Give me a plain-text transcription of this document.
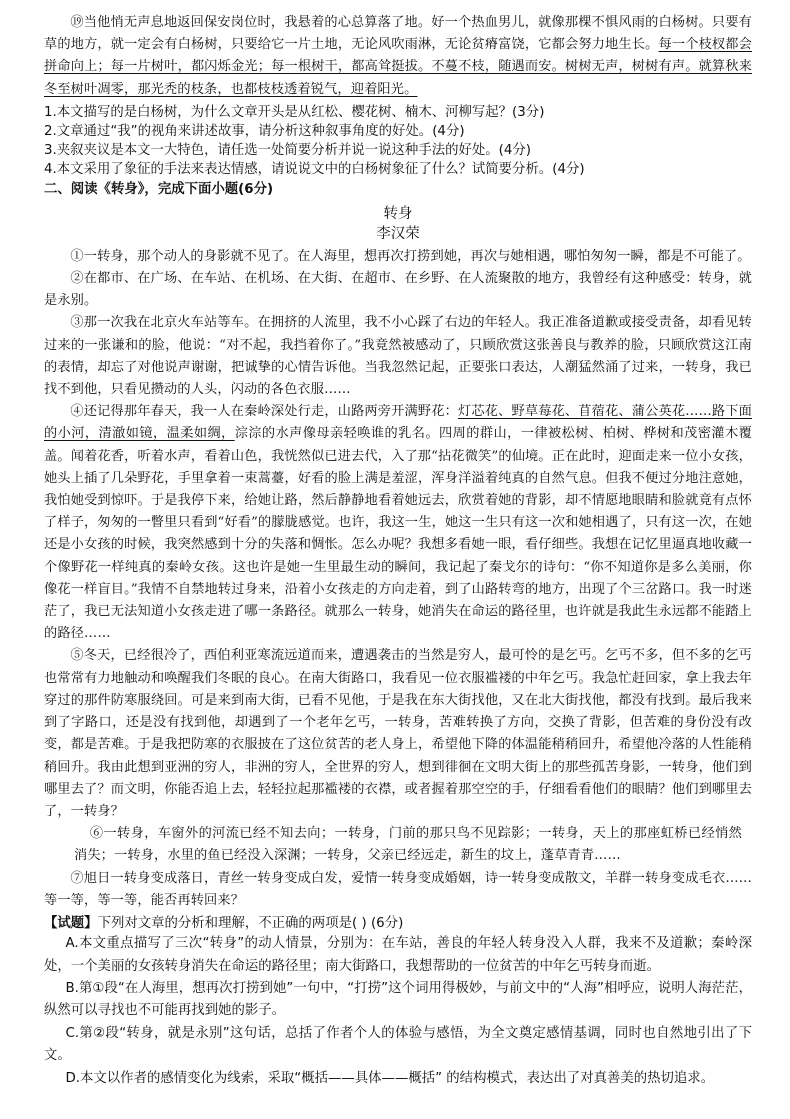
⑲当他悄无声息地返回保安岗位时，我悬着的心总算落了地。好一个热血男儿，就像那棵不惧风雨的白杨树。只要有草的地方，就一定会有白杨树，只要给它一片土地，无论风吹雨淋，无论贫瘠富饶，它都会努力地生长。每一个枝杈都会拼命向上；每一片树叶，都闪烁金光；每一根树干，都高耸挺拔。不蔓不枝，随遇而安。树树无声，树树有声。就算秋来冬至树叶凋零，那光秃的枝条，也都枝枝透着锐气，迎着阳光。

1.本文描写的是白杨树，为什么文章开头是从红松、樱花树、楠木、河柳写起？(3分)

2.文章通过“我”的视角来讲述故事，请分析这种叙事角度的好处。(4分)

3.夹叙夹议是本文一大特色，请任选一处简要分析并说一说这种手法的好处。(4分)

4.本文采用了象征的手法来表达情感，请说说文中的白杨树象征了什么？试简要分析。(4分)

二、阅读《转身》，完成下面小题(6分)
转身
李汉荣

①一转身，那个动人的身影就不见了。在人海里，想再次打捞到她，再次与她相遇，哪怕匆匆一瞬，都是不可能了。

②在都市、在广场、在车站、在机场、在大街、在超市、在乡野、在人流聚散的地方，我曾经有这种感受：转身，就是永别。

③那一次我在北京火车站等车。在拥挤的人流里，我不小心踩了右边的年轻人。我正准备道歉或接受责备，却看见转过来的一张谦和的脸，他说：“对不起，我挡着你了。”我竟然被感动了，只顾欣赏这张善良与教养的脸，只顾欣赏这江南的表情，却忘了对他说声谢谢，把诚挚的心情告诉他。当我忽然记起，正要张口表达，人潮猛然涌了过来，一转身，我已找不到他，只看见攒动的人头，闪动的各色衣服……

④还记得那年春天，我一人在秦岭深处行走，山路两旁开满野花：灯芯花、野草莓花、苜蓿花、蒲公英花……路下面的小河，清澈如镜，温柔如绸，淙淙的水声像母亲轻唤谁的乳名。四周的群山，一律被松树、柏树、桦树和茂密灌木覆盖。闻着花香，听着水声，看着山色，我恍然似已进去代，入了那“拈花微笑”的仙境。正在此时，迎面走来一位小女孩，她头上插了几朵野花，手里拿着一束蒿薹，好看的脸上满是羞涩，浑身洋溢着纯真的自然气息。但我不便过分地注意她，我怕她受到惊吓。于是我停下来，给她让路，然后静静地看着她远去，欣赏着她的背影，却不情愿地眼睛和脸就竟有点怀了样子，匆匆的一瞥里只看到“好看”的朦胧感觉。也许，我这一生，她这一生只有这一次和她相遇了，只有这一次，在她还是小女孩的时候，我突然感到十分的失落和惆怅。怎么办呢？我想多看她一眼，看仔细些。我想在记忆里逼真地收藏一个像野花一样纯真的秦岭女孩。这也许是她一生里最生动的瞬间，我记起了秦戈尔的诗句：“你不知道你是多么美丽，你像花一样盲目。”我情不自禁地转过身来，沿着小女孩走的方向走着，到了山路转弯的地方，出现了个三岔路口。我一时迷茫了，我已无法知道小女孩走进了哪一条路径。就那么一转身，她消失在命运的路径里，也许就是我此生永远都不能踏上的路径……

⑤冬天，已经很冷了，西伯利亚寒流远道而来，遭遇袭击的当然是穷人，最可怜的是乞丐。乞丐不多，但不多的乞丐也常常有力地触动和唤醒我们冬眠的良心。在南大街路口，我看见一位衣服褴褛的中年乞丐。我急忙赶回家，拿上我去年穿过的那件防寒服绕回。可是来到南大街，已看不见他，于是我在东大街找他，又在北大街找他，都没有找到。最后我来到了字路口，还是没有找到他，却遇到了一个老年乞丐，一转身，苦难转换了方向，交换了背影，但苦难的身份没有改变，都是苦难。于是我把防寒的衣服披在了这位贫苦的老人身上，希望他下降的体温能稍稍回升，希望他冷落的人性能稍稍回升。我由此想到亚洲的穷人，非洲的穷人，全世界的穷人，想到徘徊在文明大街上的那些孤苦身影，一转身，他们到哪里去了？而文明，你能否追上去，轻轻拉起那褴褛的衣襟，或者握着那空空的手，仔细看看他们的眼睛？他们到哪里去了，一转身？

⑥一转身，车窗外的河流已经不知去向；一转身，门前的那只鸟不见踪影；一转身，天上的那座虹桥已经悄然消失；一转身，水里的鱼已经没入深渊；一转身，父亲已经远走，新生的坟上，蓬草青青……

⑦旭日一转身变成落日，青丝一转身变成白发，爱情一转身变成婚姻，诗一转身变成散文，羊群一转身变成毛衣……等一等，等一等，能否再转回来？

【试题】下列对文章的分析和理解，不正确的两项是( ) (6分)

A.本文重点描写了三次“转身”的动人情景，分别为：在车站，善良的年轻人转身没入人群，我来不及道歉；秦岭深处，一个美丽的女孩转身消失在命运的路径里；南大街路口，我想帮助的一位贫苦的中年乞丐转身而逝。

B.第①段“在人海里，想再次打捞到她”一句中，“打捞”这个词用得极妙，与前文中的“人海”相呼应，说明人海茫茫，纵然可以寻找也不可能再找到她的影子。

C.第②段“转身，就是永别”这句话，总括了作者个人的体验与感悟，为全文奠定感情基调，同时也自然地引出了下文。

D.本文以作者的感情变化为线索，采取“概括——具体——概括” 的结构模式，表达出了对真善美的热切追求。
